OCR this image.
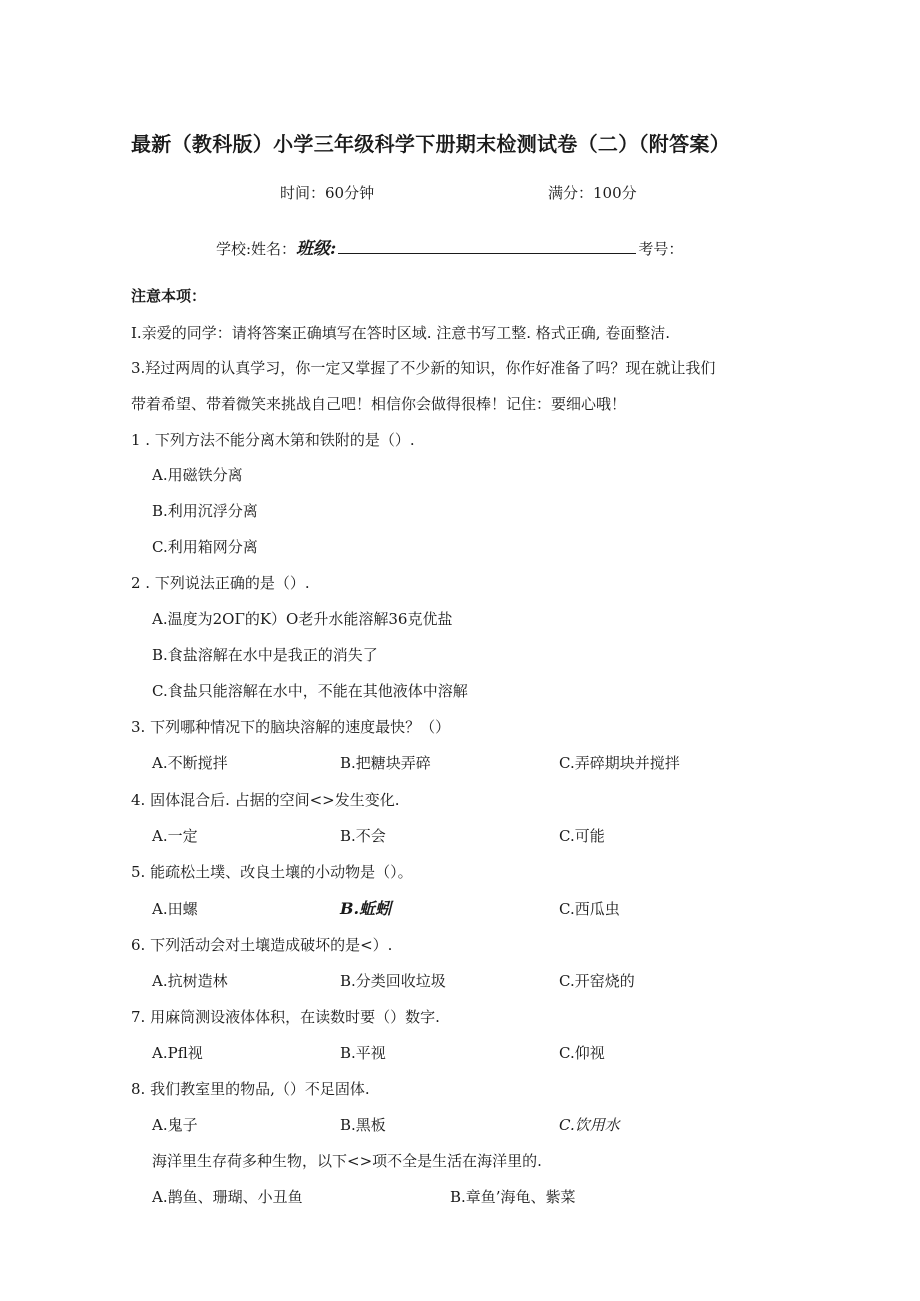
最新（教科版）小学三年级科学下册期末检测试卷（二）（附答案）
时间：60分钟	满分：100分
学校:姓名：班级:	考号：
注意本项：
I.亲爱的同学：请将答案正确填写在答时区域. 注意书写工整. 格式正确, 卷面整洁.
3.羟过两周的认真学习，你一定又掌握了不少新的知识，你作好准备了吗？现在就让我们
带着希望、带着微笑来挑战自己吧！相信你会做得很棒！记住：要细心哦！
1 . 下列方法不能分离木第和铁附的是（）.
A.用磁铁分离
B.利用沉浮分离
C.利用箱网分离
2 . 下列说法正确的是（）.
A.温度为2OΓ的K）O老升水能溶解36克优盐
B.食盐溶解在水中是我正的消失了
C.食盐只能溶解在水中，不能在其他液体中溶解
3. 下列哪种情况下的脑块溶解的速度最快？（）
A.不断搅拌	B.把糖块弄碎	C.弄碎期块并搅拌
4. 固体混合后. 占据的空间<>发生变化.
A.一定	B.不会	C.可能
5. 能疏松土墣、改良土壤的小动物是（）。
A.田螺	B.蚯蚓	C.西瓜虫
6. 下列活动会对土壤造成破坏的是<）.
A.抗树造林	B.分类回收垃圾	C.开窑烧的
7. 用麻筒测设液体体积，在读数时要（）数字.
A.Pfl视	B.平视	C.仰视
8. 我们教室里的物品,（）不足固体.
A.鬼子	B.黑板	C.饮用水
海洋里生存荷多种生物，以下<>项不全是生活在海洋里的.
A.鹊鱼、珊瑚、小丑鱼	B.章鱼’海龟、紫菜
